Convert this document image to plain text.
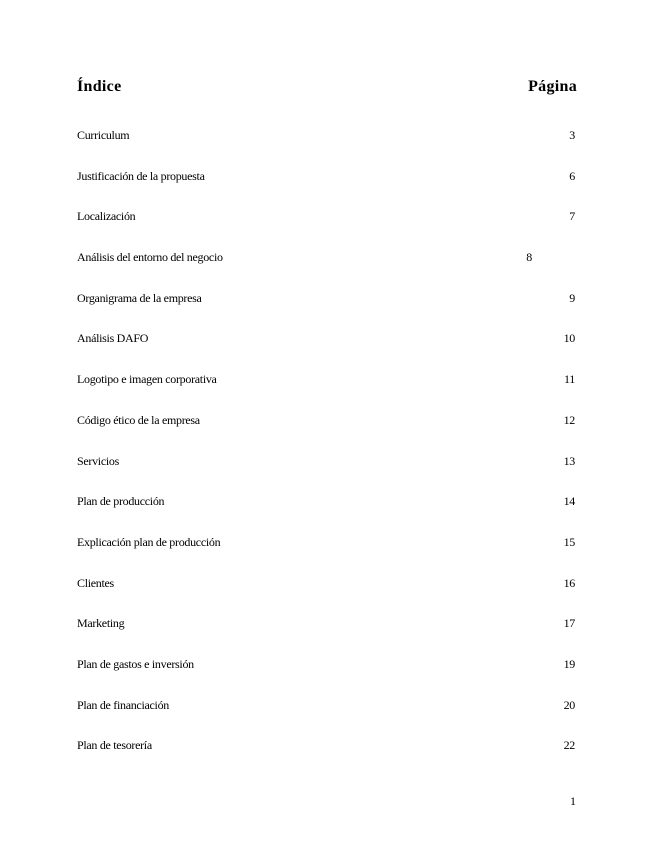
Índice	Página
Curriculum	3
Justificación de la propuesta	6
Localización	7
Análisis del entorno del negocio	8
Organigrama de la empresa	9
Análisis DAFO	10
Logotipo e imagen corporativa	11
Código ético de la empresa	12
Servicios	13
Plan de producción	14
Explicación plan de producción	15
Clientes	16
Marketing	17
Plan de gastos e inversión	19
Plan de financiación	20
Plan de tesorería	22
1
